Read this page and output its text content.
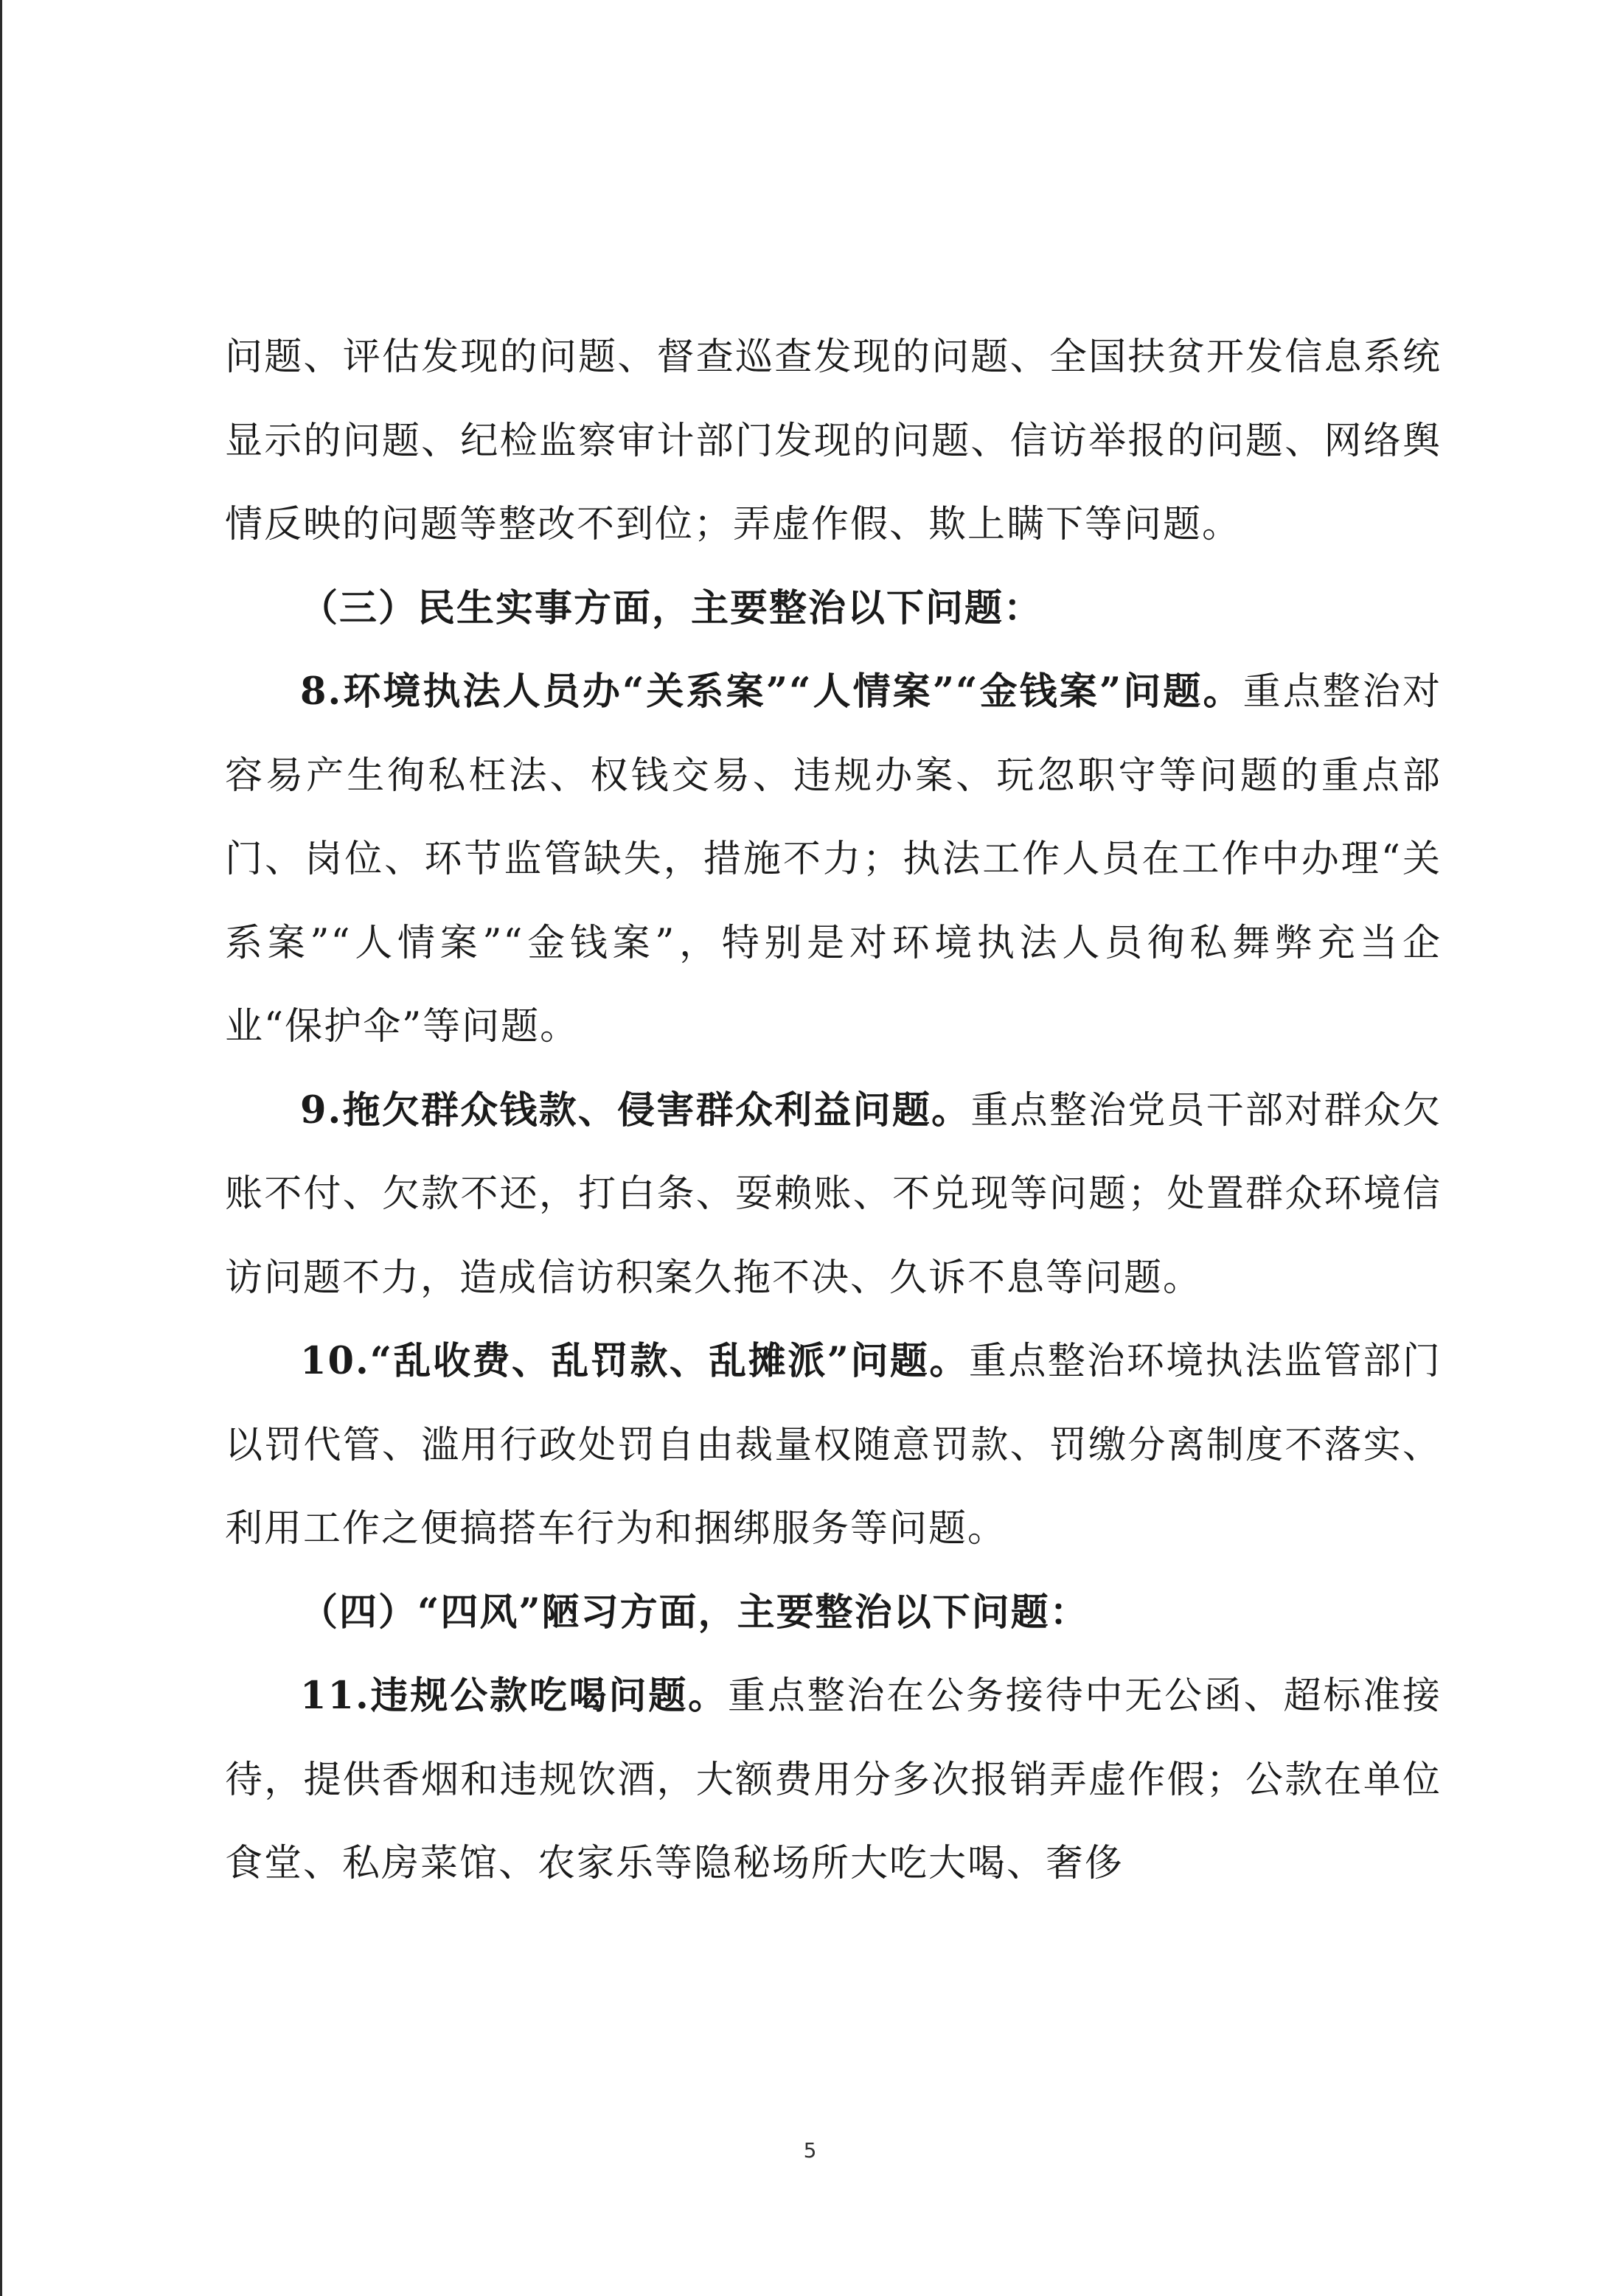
问题、评估发现的问题、督查巡查发现的问题、全国扶贫开发信息系统显示的问题、纪检监察审计部门发现的问题、信访举报的问题、网络舆情反映的问题等整改不到位；弄虚作假、欺上瞒下等问题。

（三）民生实事方面，主要整治以下问题：

8.环境执法人员办“关系案”“人情案”“金钱案”问题。重点整治对容易产生徇私枉法、权钱交易、违规办案、玩忽职守等问题的重点部门、岗位、环节监管缺失，措施不力；执法工作人员在工作中办理“关系案”“人情案”“金钱案”，特别是对环境执法人员徇私舞弊充当企业“保护伞”等问题。

9.拖欠群众钱款、侵害群众利益问题。重点整治党员干部对群众欠账不付、欠款不还，打白条、耍赖账、不兑现等问题；处置群众环境信访问题不力，造成信访积案久拖不决、久诉不息等问题。

10.“乱收费、乱罚款、乱摊派”问题。重点整治环境执法监管部门以罚代管、滥用行政处罚自由裁量权随意罚款、罚缴分离制度不落实、利用工作之便搞搭车行为和捆绑服务等问题。

（四）“四风”陋习方面，主要整治以下问题：

11.违规公款吃喝问题。重点整治在公务接待中无公函、超标准接待，提供香烟和违规饮酒，大额费用分多次报销弄虚作假；公款在单位食堂、私房菜馆、农家乐等隐秘场所大吃大喝、奢侈

5
